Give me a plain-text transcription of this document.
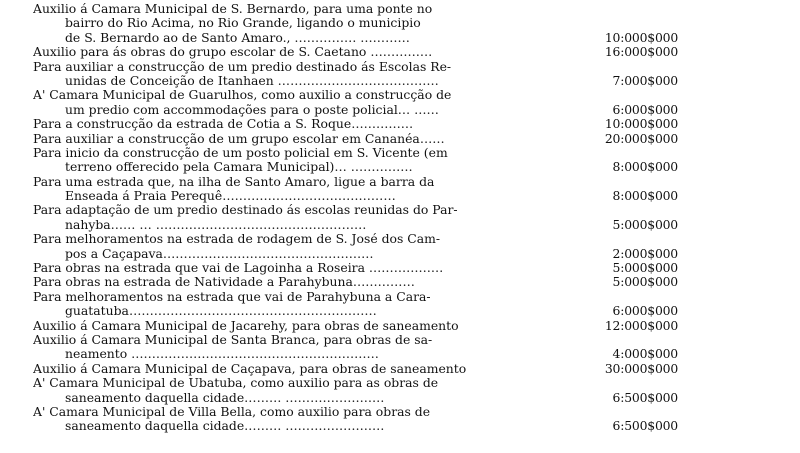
Auxilio á Camara Municipal de S. Bernardo, para uma ponte no
bairro do Rio Acima, no Rio Grande, ligando o municipio
de S. Bernardo ao de Santo Amaro., …………… …………	10:000$000
Auxilio para ás obras do grupo escolar de S. Caetano ……………	16:000$000
Para auxiliar a construcção de um predio destinado ás Escolas Re-
unidas de Conceição de Itanhaen …………………………………	7:000$000
A' Camara Municipal de Guarulhos, como auxilio a construcção de
um predio com accommodações para o poste policial… ……	6:000$000
Para a construcção da estrada de Cotia a S. Roque……………	10:000$000
Para auxiliar a construcção de um grupo escolar em Cananéa……	20:000$000
Para inicio da construcção de um posto policial em S. Vicente (em
terreno offerecido pela Camara Municipal)… ……………	8:000$000
Para uma estrada que, na ilha de Santo Amaro, ligue a barra da
Enseada á Praia Perequê……………………………………	8:000$000
Para adaptação de um predio destinado ás escolas reunidas do Par-
nahyba…… … ……………………………………………	5:000$000
Para melhoramentos na estrada de rodagem de S. José dos Cam-
pos a Caçapava……………………………………………	2:000$000
Para obras na estrada que vai de Lagoinha a Roseira ………………	5:000$000
Para obras na estrada de Natividade a Parahybuna……………	5:000$000
Para melhoramentos na estrada que vai de Parahybuna a Cara-
guatatuba……………………………………………………	6:000$000
Auxilio á Camara Municipal de Jacarehy, para obras de saneamento	12:000$000
Auxilio á Camara Municipal de Santa Branca, para obras de sa-
neamento ……………………………………………………	4:000$000
Auxilio á Camara Municipal de Caçapava, para obras de saneamento	30:000$000
A' Camara Municipal de Ubatuba, como auxilio para as obras de
saneamento daquella cidade……… ……………………	6:500$000
A' Camara Municipal de Villa Bella, como auxilio para obras de
saneamento daquella cidade……… ……………………	6:500$000
